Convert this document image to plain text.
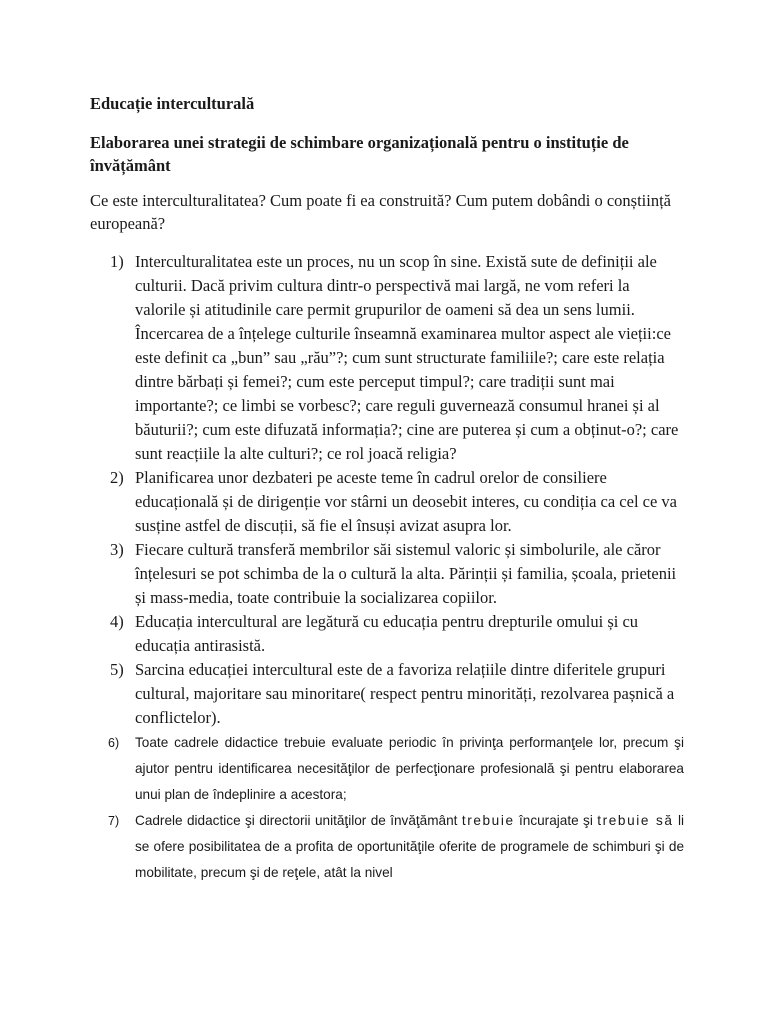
Educație interculturală
Elaborarea unei strategii de schimbare organizațională pentru o instituție de învățământ
Ce este interculturalitatea? Cum poate fi ea construită? Cum putem dobândi o conștiință europeană?
1) Interculturalitatea este un proces, nu un scop în sine. Există sute de definiții ale culturii. Dacă privim cultura dintr-o perspectivă mai largă, ne vom referi la valorile și atitudinile care permit grupurilor de oameni să dea un sens lumii. Încercarea de a înțelege culturile înseamnă examinarea multor aspect ale vieții:ce este definit ca „bun” sau „rău”?; cum sunt structurate familiile?; care este relația dintre bărbați și femei?; cum este perceput timpul?; care tradiții sunt mai importante?; ce limbi se vorbesc?; care reguli guvernează consumul hranei și al băuturii?; cum este difuzată informația?; cine are puterea și cum a obținut-o?; care sunt reacțiile la alte culturi?; ce rol joacă religia?
2) Planificarea unor dezbateri pe aceste teme în cadrul orelor de consiliere educațională și de dirigenție vor stârni un deosebit interes, cu condiția ca cel ce va susține astfel de discuții, să fie el însuși avizat asupra lor.
3) Fiecare cultură transferă membrilor săi sistemul valoric și simbolurile, ale căror înțelesuri se pot schimba de la o cultură la alta. Părinții și familia, școala, prietenii și mass-media, toate contribuie la socializarea copiilor.
4) Educația intercultural are legătură cu educația pentru drepturile omului și cu educația antirasistă.
5) Sarcina educației intercultural este de a favoriza relațiile dintre diferitele grupuri cultural, majoritare sau minoritare( respect pentru minorități, rezolvarea pașnică a conflictelor).
6) Toate cadrele didactice trebuie evaluate periodic în privinţa performanţele lor, precum şi ajutor pentru identificarea necesităţilor de perfecţionare profesională şi pentru elaborarea unui plan de îndeplinire a acestora;
7) Cadrele didactice şi directorii unităţilor de învăţământ trebuie încurajate şi trebuie să li se ofere posibilitatea de a profita de oportunităţile oferite de programele de schimburi şi de mobilitate, precum şi de reţele, atât la nivel
